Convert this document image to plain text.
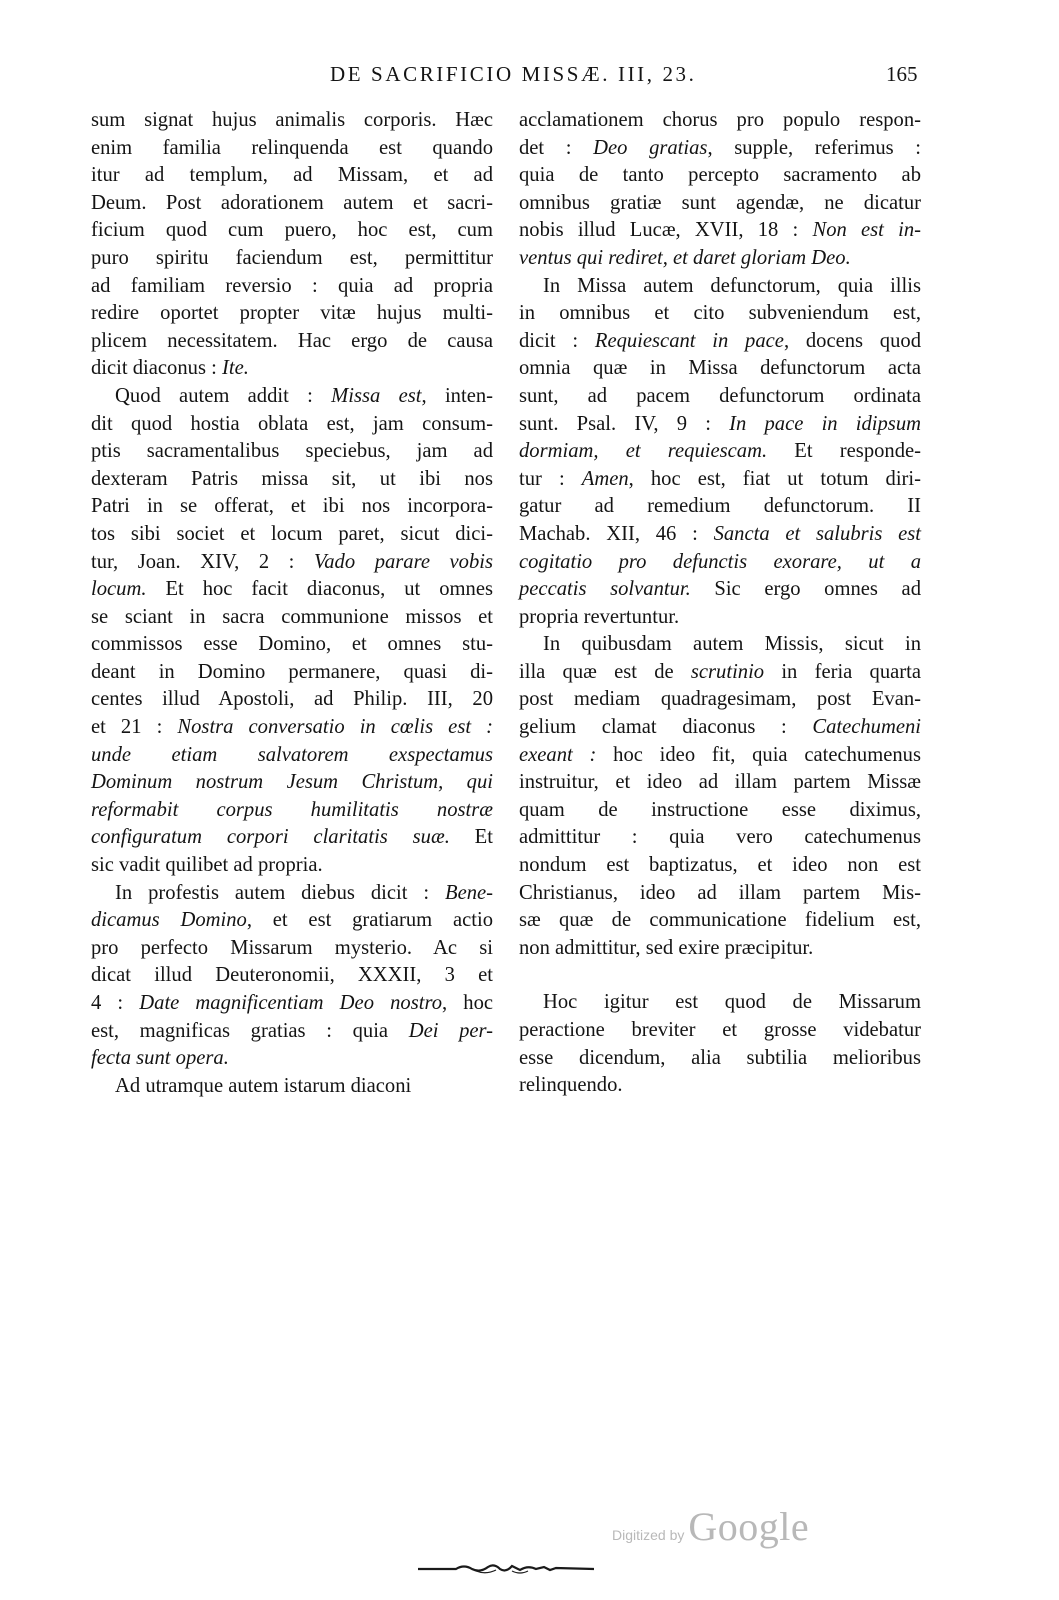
DE SACRIFICIO MISSÆ. III, 23.	165
sum signat hujus animalis corporis. Hæc
enim familia relinquenda est quando
itur ad templum, ad Missam, et ad
Deum. Post adorationem autem et sacri-
ficium quod cum puero, hoc est, cum
puro spiritu faciendum est, permittitur
ad familiam reversio : quia ad propria
redire oportet propter vitæ hujus multi-
plicem necessitatem. Hac ergo de causa
dicit diaconus : Ite.
Quod autem addit : Missa est, inten-
dit quod hostia oblata est, jam consum-
ptis sacramentalibus speciebus, jam ad
dexteram Patris missa sit, ut ibi nos
Patri in se offerat, et ibi nos incorpora-
tos sibi societ et locum paret, sicut dici-
tur, Joan. XIV, 2 : Vado parare vobis
locum. Et hoc facit diaconus, ut omnes
se sciant in sacra communione missos et
commissos esse Domino, et omnes stu-
deant in Domino permanere, quasi di-
centes illud Apostoli, ad Philip. III, 20
et 21 : Nostra conversatio in cœlis est :
unde etiam salvatorem exspectamus
Dominum nostrum Jesum Christum, qui
reformabit corpus humilitatis nostræ
configuratum corpori claritatis suæ. Et
sic vadit quilibet ad propria.
In profestis autem diebus dicit : Bene-
dicamus Domino, et est gratiarum actio
pro perfecto Missarum mysterio. Ac si
dicat illud Deuteronomii, XXXII, 3 et
4 : Date magnificentiam Deo nostro, hoc
est, magnificas gratias : quia Dei per-
fecta sunt opera.
Ad utramque autem istarum diaconi
acclamationem chorus pro populo respon-
det : Deo gratias, supple, referimus :
quia de tanto percepto sacramento ab
omnibus gratiæ sunt agendæ, ne dicatur
nobis illud Lucæ, XVII, 18 : Non est in-
ventus qui rediret, et daret gloriam Deo.
In Missa autem defunctorum, quia illis
in omnibus et cito subveniendum est,
dicit : Requiescant in pace, docens quod
omnia quæ in Missa defunctorum acta
sunt, ad pacem defunctorum ordinata
sunt. Psal. IV, 9 : In pace in idipsum
dormiam, et requiescam. Et responde-
tur : Amen, hoc est, fiat ut totum diri-
gatur ad remedium defunctorum. II
Machab. XII, 46 : Sancta et salubris est
cogitatio pro defunctis exorare, ut a
peccatis solvantur. Sic ergo omnes ad
propria revertuntur.
In quibusdam autem Missis, sicut in
illa quæ est de scrutinio in feria quarta
post mediam quadragesimam, post Evan-
gelium clamat diaconus : Catechumeni
exeant : hoc ideo fit, quia catechumenus
instruitur, et ideo ad illam partem Missæ
quam de instructione esse diximus,
admittitur : quia vero catechumenus
nondum est baptizatus, et ideo non est
Christianus, ideo ad illam partem Mis-
sæ quæ de communicatione fidelium est,
non admittitur, sed exire præcipitur.
Hoc igitur est quod de Missarum
peractione breviter et grosse videbatur
esse dicendum, alia subtilia melioribus
relinquendo.
Digitized by Google
